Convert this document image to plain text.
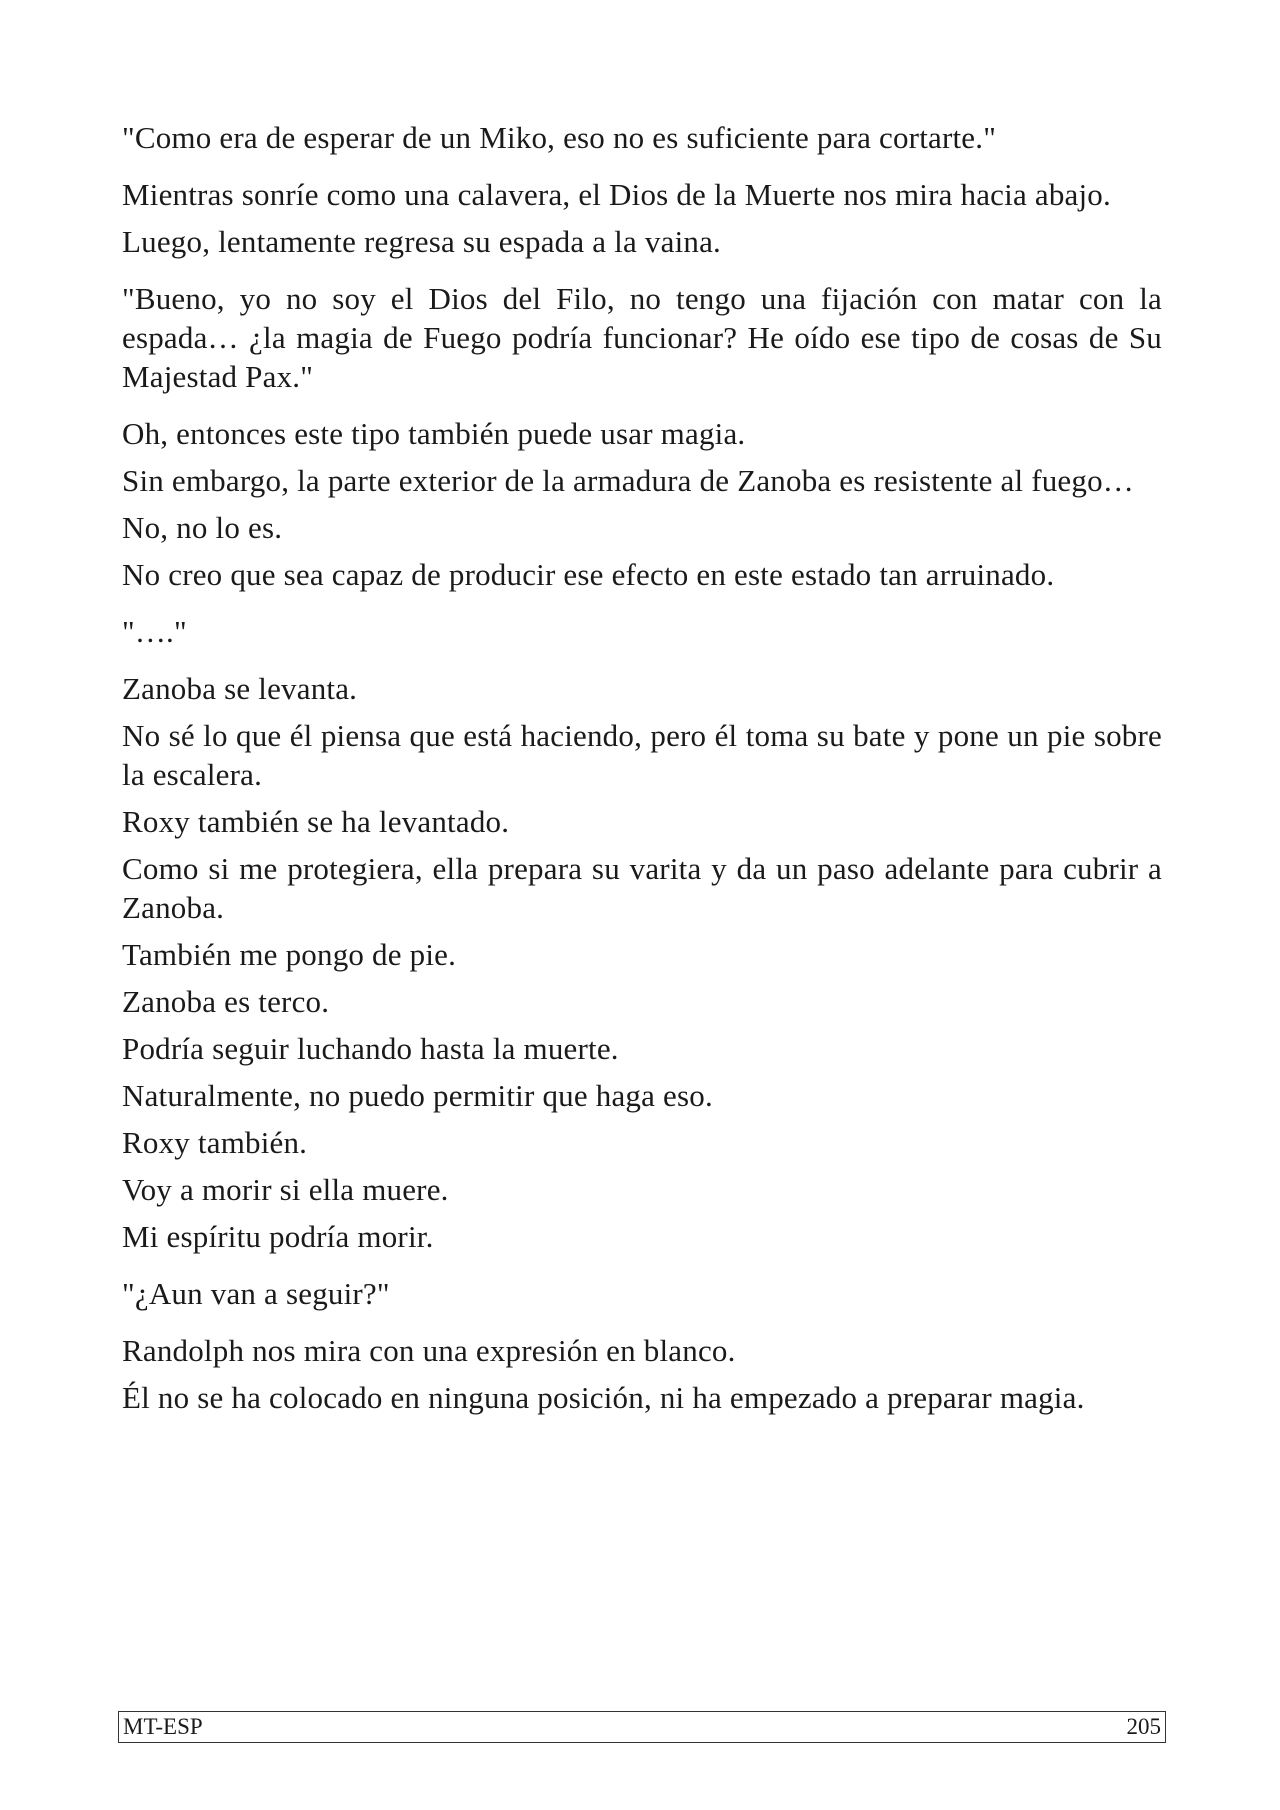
"Como era de esperar de un Miko, eso no es suficiente para cortarte."

Mientras sonríe como una calavera, el Dios de la Muerte nos mira hacia abajo.

Luego, lentamente regresa su espada a la vaina.

"Bueno, yo no soy el Dios del Filo, no tengo una fijación con matar con la espada… ¿la magia de Fuego podría funcionar? He oído ese tipo de cosas de Su Majestad Pax."

Oh, entonces este tipo también puede usar magia.

Sin embargo, la parte exterior de la armadura de Zanoba es resistente al fuego…

No, no lo es.

No creo que sea capaz de producir ese efecto en este estado tan arruinado.

"…."

Zanoba se levanta.

No sé lo que él piensa que está haciendo, pero él toma su bate y pone un pie sobre la escalera.

Roxy también se ha levantado.

Como si me protegiera, ella prepara su varita y da un paso adelante para cubrir a Zanoba.

También me pongo de pie.

Zanoba es terco.

Podría seguir luchando hasta la muerte.

Naturalmente, no puedo permitir que haga eso.

Roxy también.

Voy a morir si ella muere.

Mi espíritu podría morir.

"¿Aun van a seguir?"

Randolph nos mira con una expresión en blanco.

Él no se ha colocado en ninguna posición, ni ha empezado a preparar magia.

MT-ESP	205
